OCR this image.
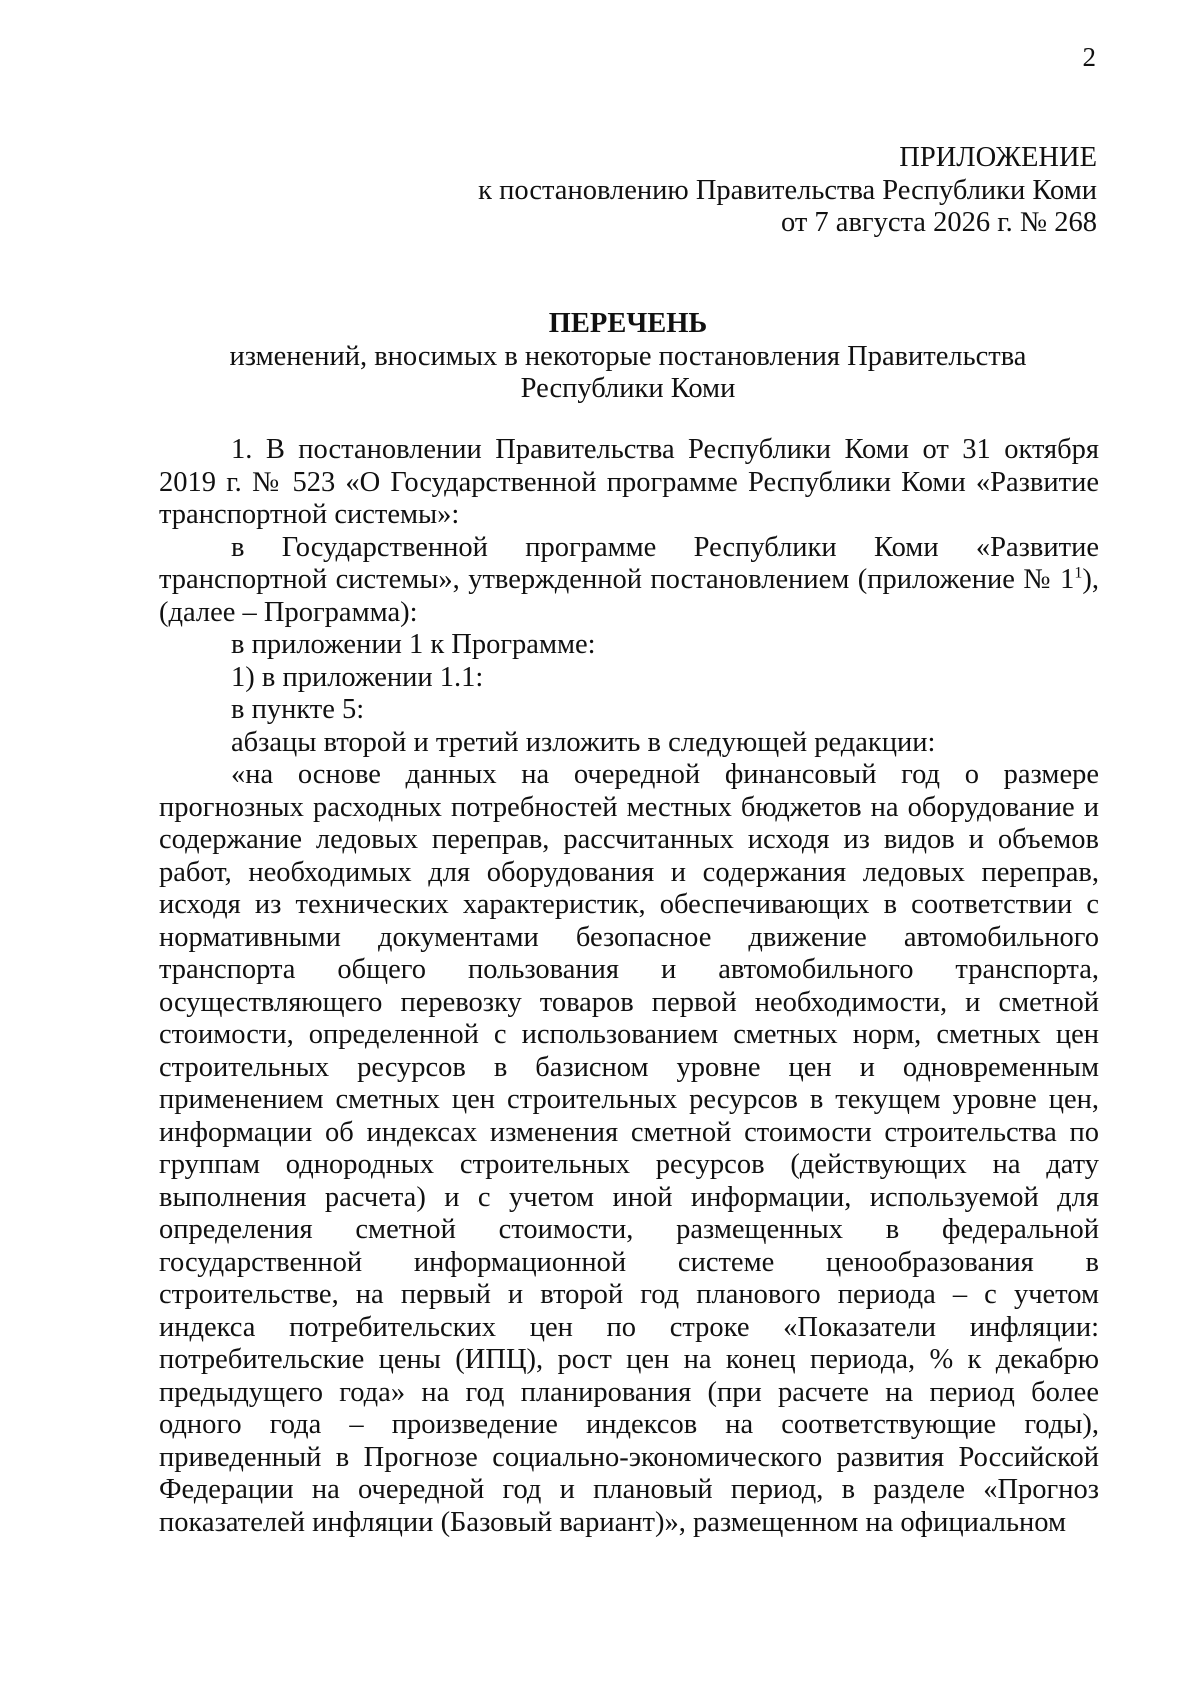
2
ПРИЛОЖЕНИЕ
к постановлению Правительства Республики Коми
от 7 августа 2026 г. № 268
ПЕРЕЧЕНЬ
изменений, вносимых в некоторые постановления Правительства
Республики Коми

1. В постановлении Правительства Республики Коми от 31 октября 2019 г. № 523 «О Государственной программе Республики Коми «Развитие транспортной системы»:

в Государственной программе Республики Коми «Развитие транспортной системы», утвержденной постановлением (приложение № $1^1$), (далее – Программа):

в приложении 1 к Программе:

1) в приложении 1.1:

в пункте 5:

абзацы второй и третий изложить в следующей редакции:

«на основе данных на очередной финансовый год о размере прогнозных расходных потребностей местных бюджетов на оборудование и содержание ледовых переправ, рассчитанных исходя из видов и объемов работ, необходимых для оборудования и содержания ледовых переправ, исходя из технических характеристик, обеспечивающих в соответствии с нормативными документами безопасное движение автомобильного транспорта общего пользования и автомобильного транспорта, осуществляющего перевозку товаров первой необходимости, и сметной стоимости, определенной с использованием сметных норм, сметных цен строительных ресурсов в базисном уровне цен и одновременным применением сметных цен строительных ресурсов в текущем уровне цен, информации об индексах изменения сметной стоимости строительства по группам однородных строительных ресурсов (действующих на дату выполнения расчета) и с учетом иной информации, используемой для определения сметной стоимости, размещенных в федеральной государственной информационной системе ценообразования в строительстве, на первый и второй год планового периода – с учетом индекса потребительских цен по строке «Показатели инфляции: потребительские цены (ИПЦ), рост цен на конец периода, % к декабрю предыдущего года» на год планирования (при расчете на период более одного года – произведение индексов на соответствующие годы), приведенный в Прогнозе социально-экономического развития Российской Федерации на очередной год и плановый период, в разделе «Прогноз показателей инфляции (Базовый вариант)», размещенном на официальном
